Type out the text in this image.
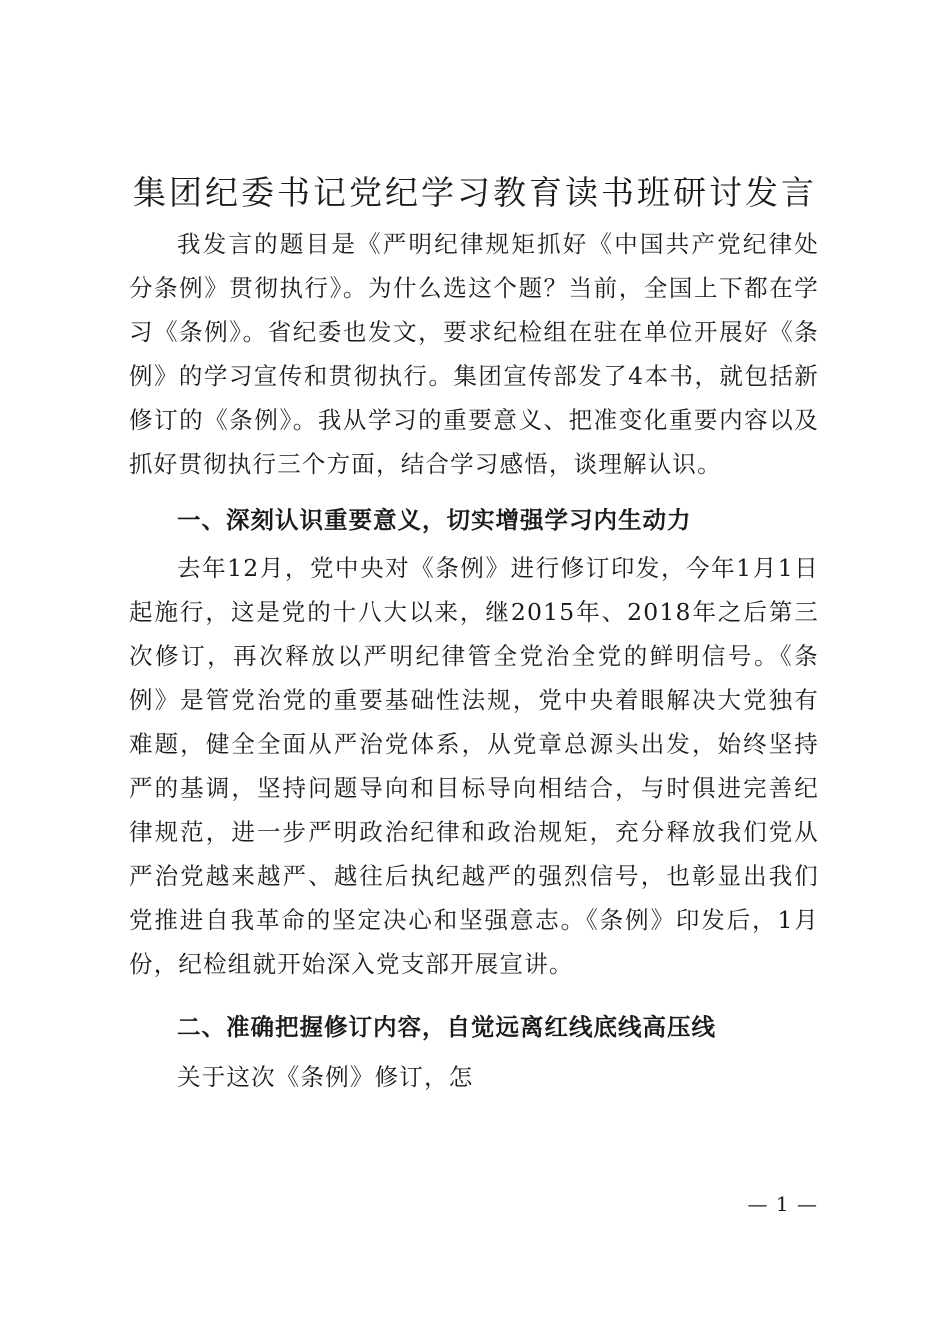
集团纪委书记党纪学习教育读书班研讨发言

我发言的题目是《严明纪律规矩抓好《中国共产党纪律处分条例》贯彻执行》。为什么选这个题？当前，全国上下都在学习《条例》。省纪委也发文，要求纪检组在驻在单位开展好《条例》的学习宣传和贯彻执行。集团宣传部发了4本书，就包括新修订的《条例》。我从学习的重要意义、把准变化重要内容以及抓好贯彻执行三个方面，结合学习感悟，谈理解认识。

一、深刻认识重要意义，切实增强学习内生动力

去年12月，党中央对《条例》进行修订印发，今年1月1日起施行，这是党的十八大以来，继2015年、2018年之后第三次修订，再次释放以严明纪律管全党治全党的鲜明信号。《条例》是管党治党的重要基础性法规，党中央着眼解决大党独有难题，健全全面从严治党体系，从党章总源头出发，始终坚持严的基调，坚持问题导向和目标导向相结合，与时俱进完善纪律规范，进一步严明政治纪律和政治规矩，充分释放我们党从严治党越来越严、越往后执纪越严的强烈信号，也彰显出我们党推进自我革命的坚定决心和坚强意志。《条例》印发后，1月份，纪检组就开始深入党支部开展宣讲。

二、准确把握修订内容，自觉远离红线底线高压线

关于这次《条例》修订，怎

— 1 —
